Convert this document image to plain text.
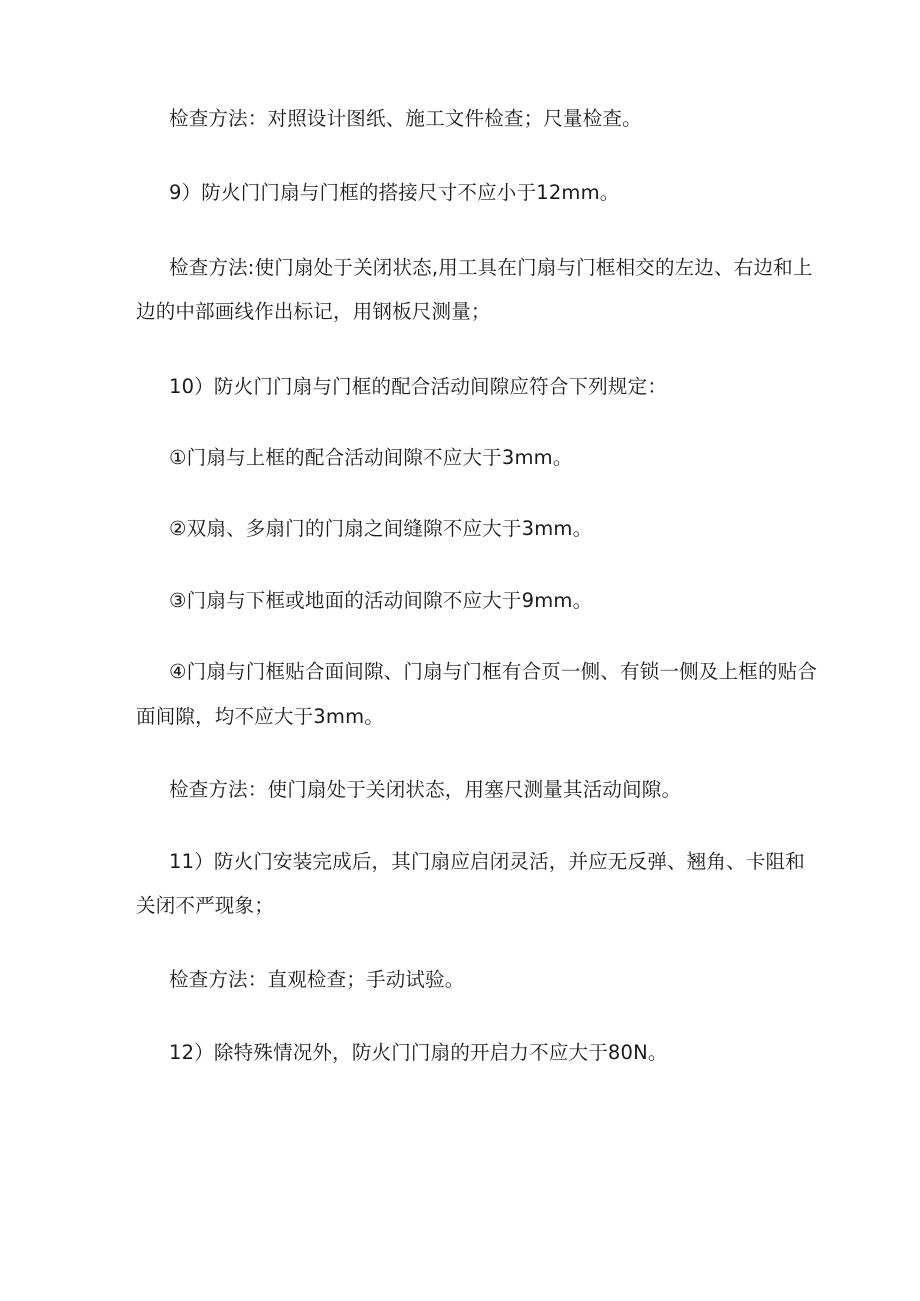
检查方法：对照设计图纸、施工文件检查；尺量检查。
9）防火门门扇与门框的搭接尺寸不应小于12mm。
检查方法:使门扇处于关闭状态,用工具在门扇与门框相交的左边、右边和上
边的中部画线作出标记，用钢板尺测量；
10）防火门门扇与门框的配合活动间隙应符合下列规定：
①门扇与上框的配合活动间隙不应大于3mm。
②双扇、多扇门的门扇之间缝隙不应大于3mm。
③门扇与下框或地面的活动间隙不应大于9mm。
④门扇与门框贴合面间隙、门扇与门框有合页一侧、有锁一侧及上框的贴合
面间隙，均不应大于3mm。
检查方法：使门扇处于关闭状态，用塞尺测量其活动间隙。
11）防火门安装完成后，其门扇应启闭灵活，并应无反弹、翘角、卡阻和
关闭不严现象；
检查方法：直观检查；手动试验。
12）除特殊情况外，防火门门扇的开启力不应大于80N。
